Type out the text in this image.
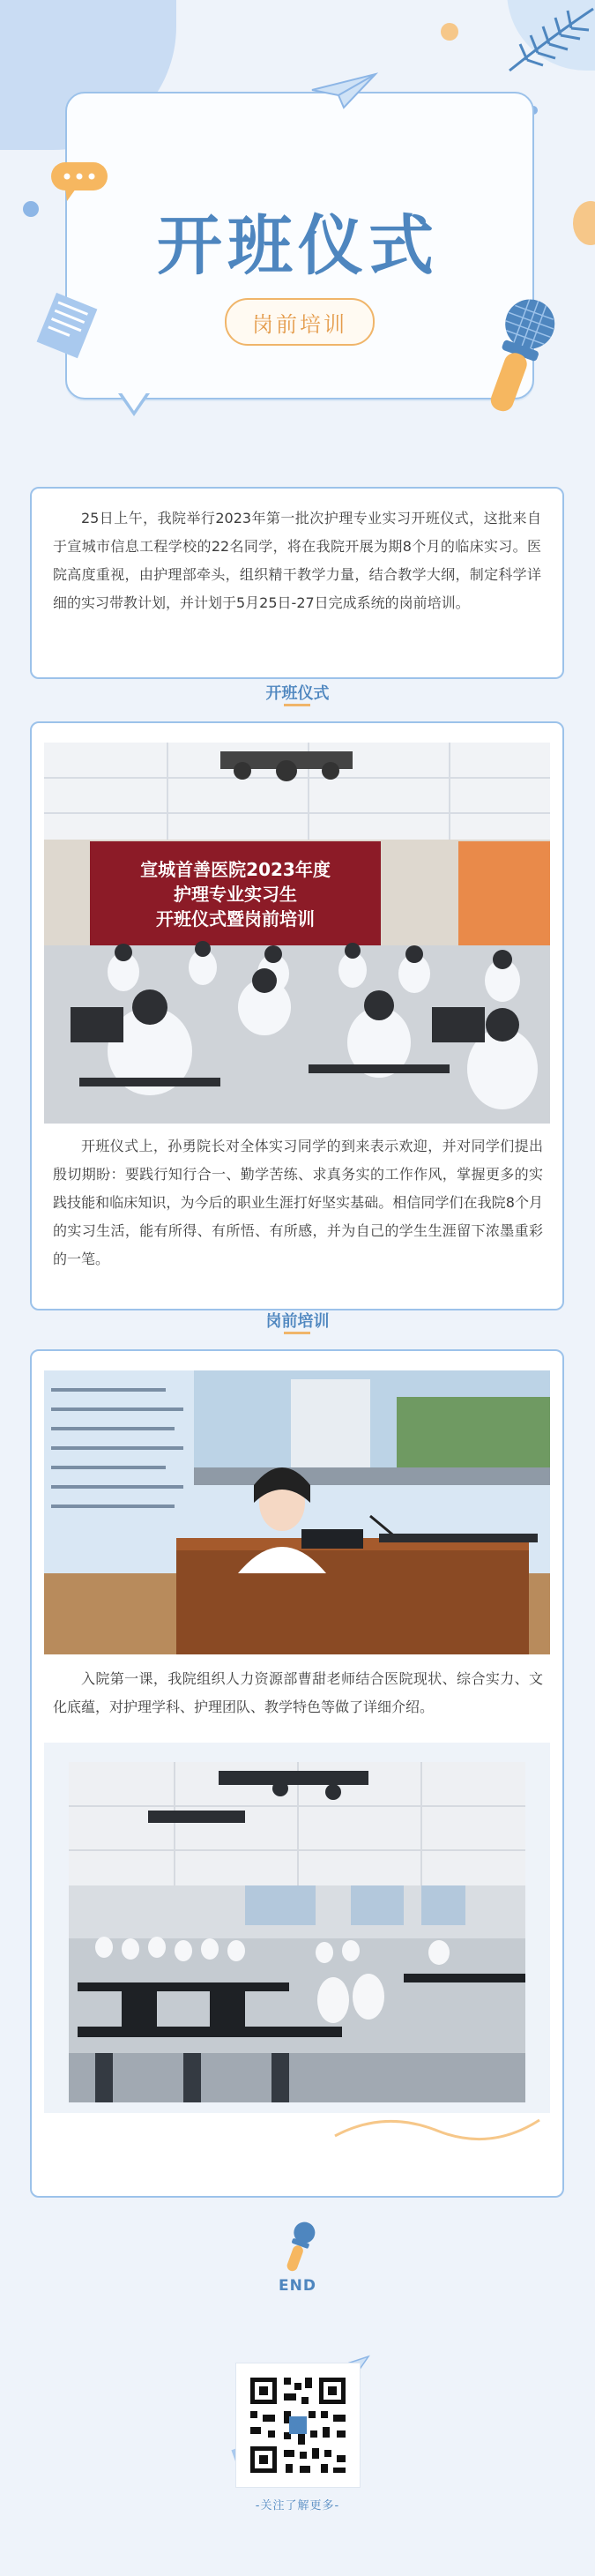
开班仪式
岗前培训
25日上午，我院举行2023年第一批次护理专业实习开班仪式，这批来自于宣城市信息工程学校的22名同学，将在我院开展为期8个月的临床实习。医院高度重视，由护理部牵头，组织精干教学力量，结合教学大纲，制定科学详细的实习带教计划，并计划于5月25日-27日完成系统的岗前培训。
开班仪式
宣城首善医院2023年度
护理专业实习生
开班仪式暨岗前培训
开班仪式上，孙勇院长对全体实习同学的到来表示欢迎，并对同学们提出殷切期盼：要践行知行合一、勤学苦练、求真务实的工作作风，掌握更多的实践技能和临床知识，为今后的职业生涯打好坚实基础。相信同学们在我院8个月的实习生活，能有所得、有所悟、有所感，并为自己的学生生涯留下浓墨重彩的一笔。
岗前培训
入院第一课，我院组织人力资源部曹甜老师结合医院现状、综合实力、文化底蕴，对护理学科、护理团队、教学特色等做了详细介绍。
END
-关注了解更多-
